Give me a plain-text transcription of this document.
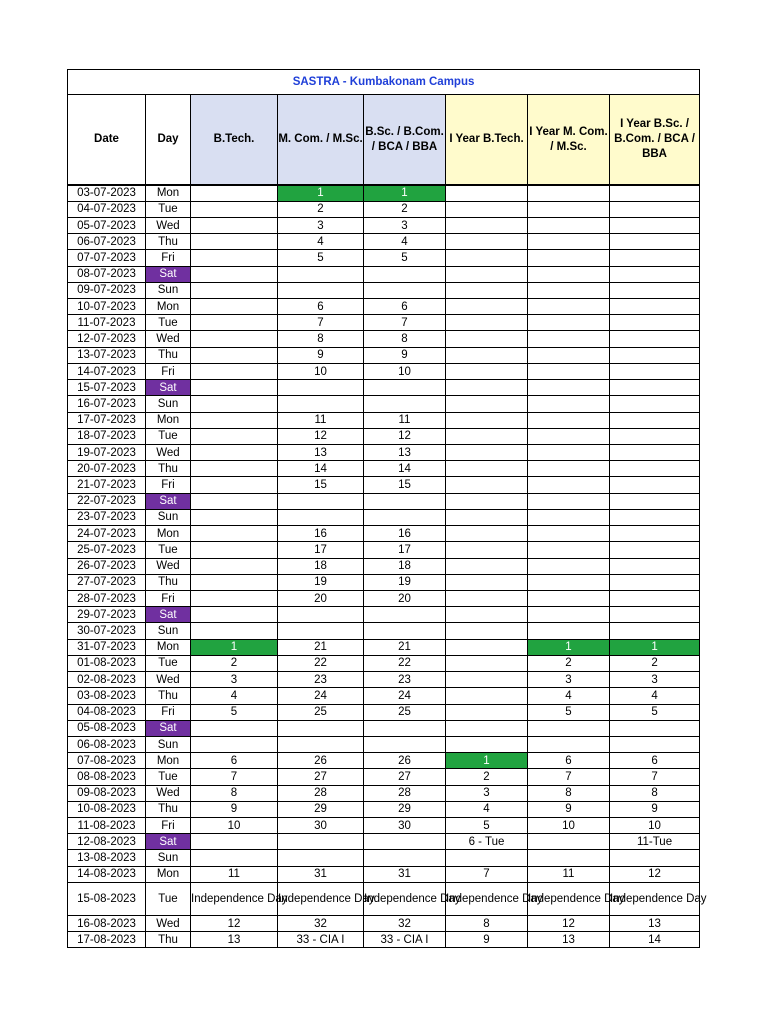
SASTRA - Kumbakonam Campus							
Date	Day	B.Tech.	M. Com. / M.Sc.	B.Sc. / B.Com. / BCA / BBA	I Year B.Tech.	I Year M. Com. / M.Sc.	I Year B.Sc. / B.Com. / BCA / BBA
03-07-2023	Mon		1	1			
04-07-2023	Tue		2	2			
05-07-2023	Wed		3	3			
06-07-2023	Thu		4	4			
07-07-2023	Fri		5	5			
08-07-2023	Sat						
09-07-2023	Sun						
10-07-2023	Mon		6	6			
11-07-2023	Tue		7	7			
12-07-2023	Wed		8	8			
13-07-2023	Thu		9	9			
14-07-2023	Fri		10	10			
15-07-2023	Sat						
16-07-2023	Sun						
17-07-2023	Mon		11	11			
18-07-2023	Tue		12	12			
19-07-2023	Wed		13	13			
20-07-2023	Thu		14	14			
21-07-2023	Fri		15	15			
22-07-2023	Sat						
23-07-2023	Sun						
24-07-2023	Mon		16	16			
25-07-2023	Tue		17	17			
26-07-2023	Wed		18	18			
27-07-2023	Thu		19	19			
28-07-2023	Fri		20	20			
29-07-2023	Sat						
30-07-2023	Sun						
31-07-2023	Mon	1	21	21		1	1
01-08-2023	Tue	2	22	22		2	2
02-08-2023	Wed	3	23	23		3	3
03-08-2023	Thu	4	24	24		4	4
04-08-2023	Fri	5	25	25		5	5
05-08-2023	Sat						
06-08-2023	Sun						
07-08-2023	Mon	6	26	26	1	6	6
08-08-2023	Tue	7	27	27	2	7	7
09-08-2023	Wed	8	28	28	3	8	8
10-08-2023	Thu	9	29	29	4	9	9
11-08-2023	Fri	10	30	30	5	10	10
12-08-2023	Sat				6 - Tue		11-Tue
13-08-2023	Sun						
14-08-2023	Mon	11	31	31	7	11	12
15-08-2023	Tue	Independence Day	Independence Day	Independence Day	Independence Day	Independence Day	Independence Day
16-08-2023	Wed	12	32	32	8	12	13
17-08-2023	Thu	13	33 - CIA I	33 - CIA I	9	13	14
